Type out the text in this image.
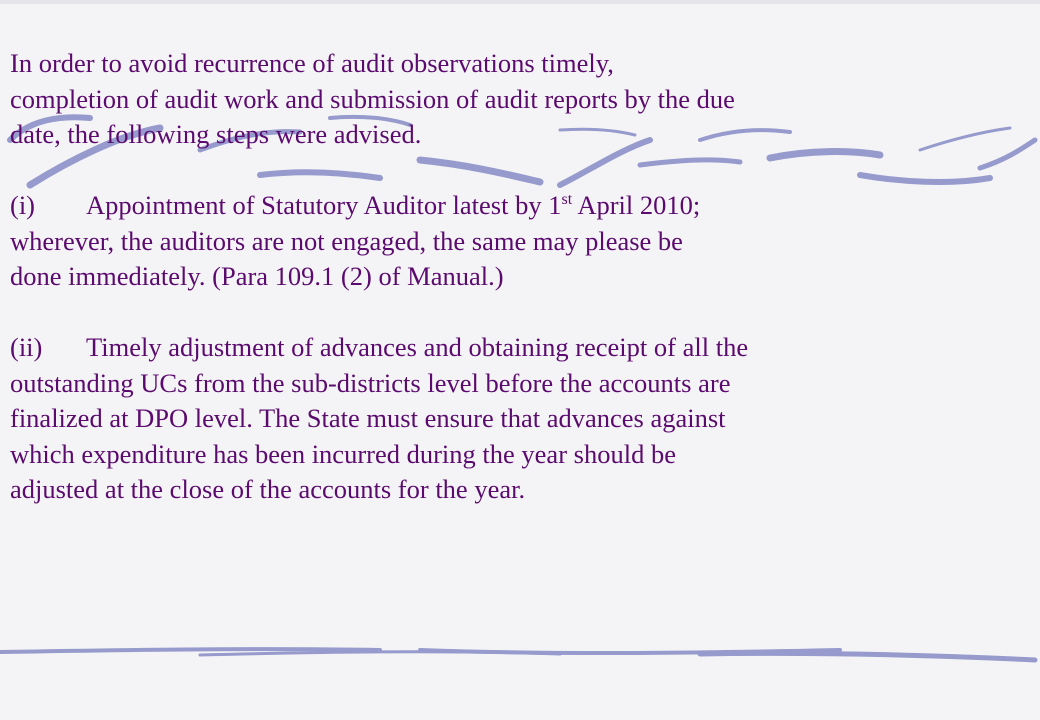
In order to avoid recurrence of audit observations timely,

completion of audit work and submission of audit reports by the due

date, the following steps were advised.

(i) Appointment of Statutory Auditor latest by 1st April 2010;

wherever, the auditors are not engaged, the same may please be

done immediately. (Para 109.1 (2) of Manual.)

(ii) Timely adjustment of advances and obtaining receipt of all the

outstanding UCs from the sub-districts level before the accounts are

finalized at DPO level. The State must ensure that advances against

which expenditure has been incurred during the year should be

adjusted at the close of the accounts for the year.
